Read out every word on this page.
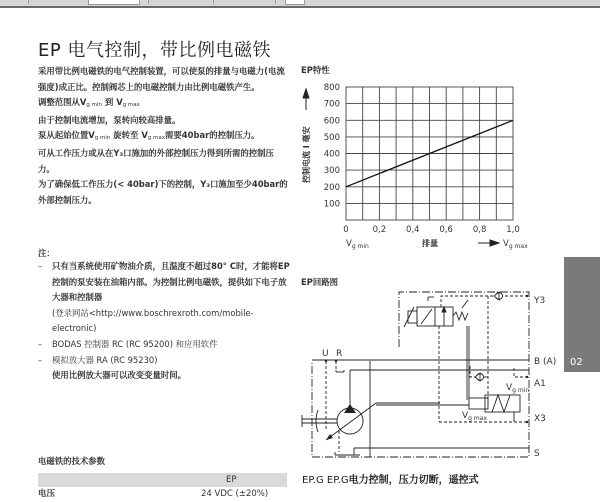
EP 电气控制，带比例电磁铁
采用带比例电磁铁的电气控制装置，可以使泵的排量与电磁力(电流强度)成正比。控制阀芯上的电磁控制力由比例电磁铁产生。
调整范围从$V_{g min}$ 到 $V_{g max}$
由于控制电流增加，泵转向较高排量。
泵从起始位置$V_{g min}$ 旋转至 $V_{g max}$需要40bar的控制压力。
可从工作压力或从在Y₃口施加的外部控制压力得到所需的控制压力。
为了确保低工作压力(< 40bar)下的控制，Y₃口施加至少40bar的外部控制压力。
注：
– 只有当系统使用矿物油介质，且温度不超过80° C时，才能将EP控制的泵安装在油箱内部。为控制比例电磁铁，提供如下电子放大器和控制器
(登录网站<http://www.boschrexroth.com/mobile-electronic)
– BODAS 控制器 RC (RC 95200) 和应用软件
– 模拟放大器 RA (RC 95230)
使用比例放大器可以改变变量时间。
电磁铁的技术参数
EP
电压	24 VDC (±20%)
EP特性
800
700
600
500
400
300
200
100
0	0,2 0,4 0,6 0,8 1,0
控制电流 I 毫安
排量
$V_{g min}$	$V_{g max}$
EP回路图
U R
Y3
B (A)
A1
X3
S
$V_{g min}$
$V_{g max}$
EP.G EP.G电力控制，压力切断，遥控式
02
